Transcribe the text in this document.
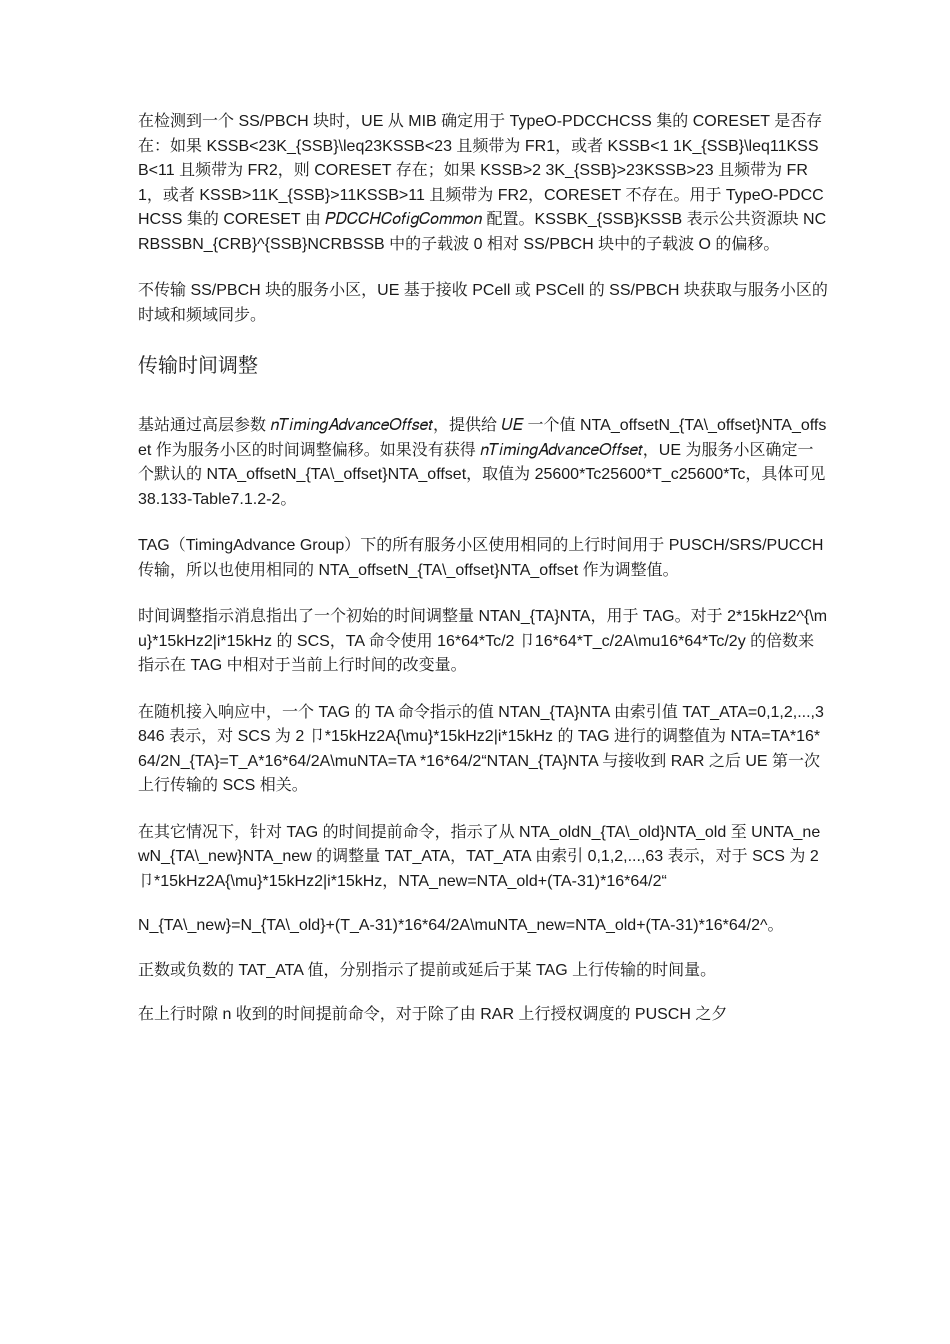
在检测到一个 SS/PBCH 块时，UE 从 MIB 确定用于 TypeO-PDCCHCSS 集的 CORESET 是否存在：如果 KSSB<23K_{SSB}\leq23KSSB<23 且频带为 FR1，或者 KSSB<1 1K_{SSB}\leq11KSSB<11 且频带为 FR2，则 CORESET 存在；如果 KSSB>2 3K_{SSB}>23KSSB>23 且频带为 FR1，或者 KSSB>11K_{SSB}>11KSSB>11 且频带为 FR2，CORESET 不存在。用于 TypeO-PDCCHCSS 集的 CORESET 由 𝑃𝐷𝐶𝐶𝐻𝐶𝑜𝑓𝑖𝑔𝐶𝑜𝑚𝑚𝑜𝑛 配置。KSSBK_{SSB}KSSB 表示公共资源块 NCRBSSBN_{CRB}^{SSB}NCRBSSB 中的子载波 0 相对 SS/PBCH 块中的子载波 O 的偏移。

不传输 SS/PBCH 块的服务小区，UE 基于接收 PCell 或 PSCell 的 SS/PBCH 块获取与服务小区的时域和频域同步。

传输时间调整

基站通过高层参数 𝑛𝑇𝑖𝑚𝑖𝑛𝑔𝐴𝑑𝑣𝑎𝑛𝑐𝑒𝑂𝑓𝑓𝑠𝑒𝑡，提供给 𝑈𝐸 一个值 NTA_offsetN_{TA\_offset}NTA_offset 作为服务小区的时间调整偏移。如果没有获得 𝑛𝑇𝑖𝑚𝑖𝑛𝑔𝐴𝑑𝑣𝑎𝑛𝑐𝑒𝑂𝑓𝑓𝑠𝑒𝑡，UE 为服务小区确定一个默认的 NTA_offsetN_{TA\_offset}NTA_offset，取值为 25600*Tc25600*T_c25600*Tc，具体可见 38.133-Table7.1.2-2。

TAG（TimingAdvance Group）下的所有服务小区使用相同的上行时间用于 PUSCH/SRS/PUCCH 传输，所以也使用相同的 NTA_offsetN_{TA\_offset}NTA_offset 作为调整值。

时间调整指示消息指出了一个初始的时间调整量 NTAN_{TA}NTA，用于 TAG。对于 2*15kHz2^{\mu}*15kHz2|i*15kHz 的 SCS，TA 命令使用 16*64*Tc/2 卩16*64*T_c/2A\mu16*64*Tc/2y 的倍数来指示在 TAG 中相对于当前上行时间的改变量。

在随机接入响应中，一个 TAG 的 TA 命令指示的值 NTAN_{TA}NTA 由索引值 TAT_ATA=0,1,2,...,3846 表示，对 SCS 为 2 卩*15kHz2A{\mu}*15kHz2|i*15kHz 的 TAG 进行的调整值为 NTA=TA*16*64/2N_{TA}=T_A*16*64/2A\muNTA=TA *16*64/2“NTAN_{TA}NTA 与接收到 RAR 之后 UE 第一次上行传输的 SCS 相关。

在其它情况下，针对 TAG 的时间提前命令，指示了从 NTA_oldN_{TA\_old}NTA_old 至 UNTA_newN_{TA\_new}NTA_new 的调整量 TAT_ATA，TAT_ATA 由索引 0,1,2,...,63 表示，对于 SCS 为 2 卩*15kHz2A{\mu}*15kHz2|i*15kHz，NTA_new=NTA_old+(TA-31)*16*64/2“

N_{TA\_new}=N_{TA\_old}+(T_A-31)*16*64/2A\muNTA_new=NTA_old+(TA-31)*16*64/2^。

正数或负数的 TAT_ATA 值，分别指示了提前或延后于某 TAG 上行传输的时间量。

在上行时隙 n 收到的时间提前命令，对于除了由 RAR 上行授权调度的 PUSCH 之夕
